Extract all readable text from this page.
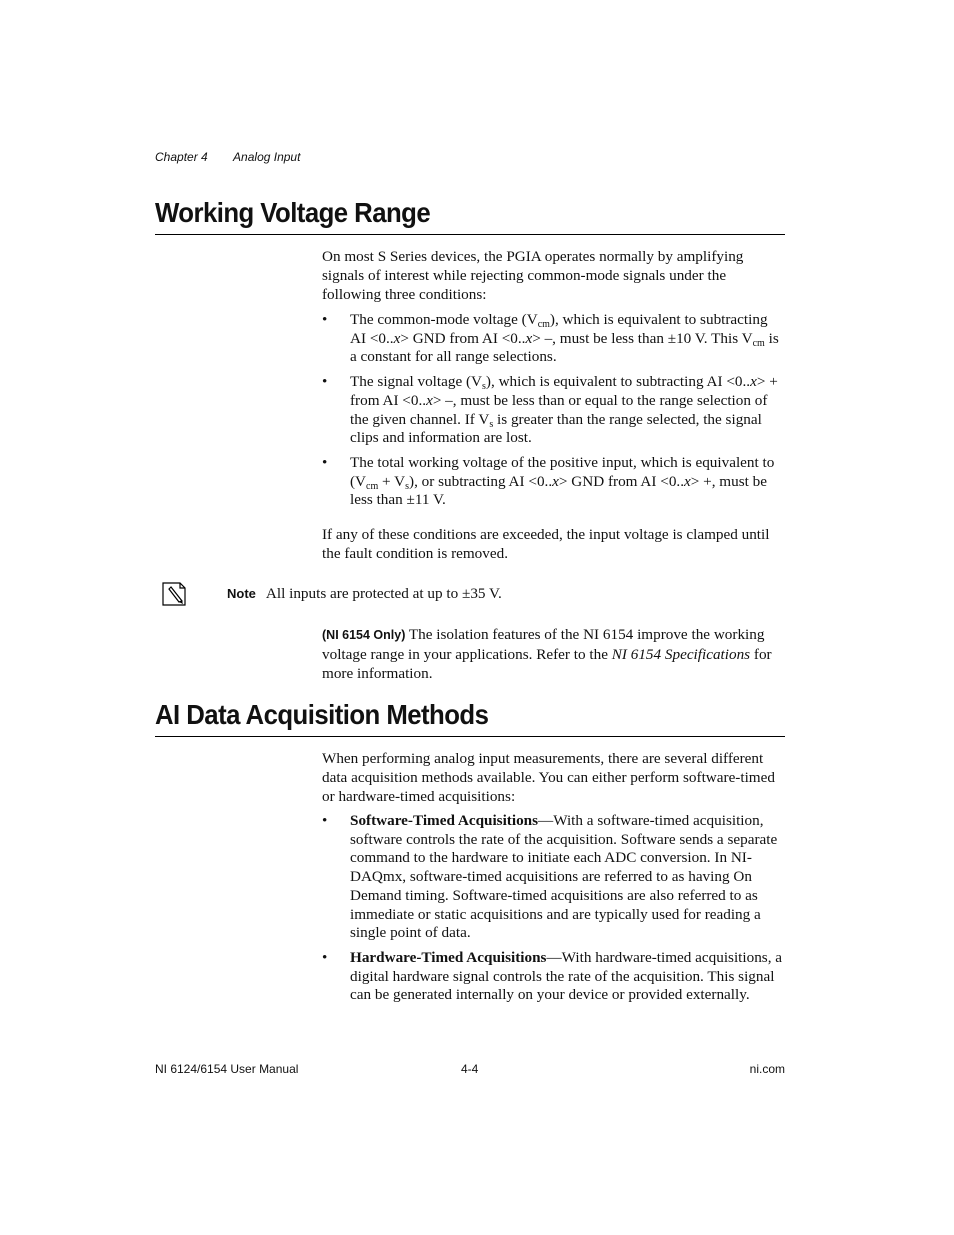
Chapter 4 Analog Input
Working Voltage Range

On most S Series devices, the PGIA operates normally by amplifying signals of interest while rejecting common-mode signals under the following three conditions:

• The common-mode voltage $(V_{cm})$, which is equivalent to subtracting AI <0..x> GND from AI <0..x> –, must be less than ±10 V. This $V_{cm}$ is a constant for all range selections.
• The signal voltage $(V_s)$, which is equivalent to subtracting AI <0..x> + from AI <0..x> –, must be less than or equal to the range selection of the given channel. If $V_s$ is greater than the range selected, the signal clips and information are lost.
• The total working voltage of the positive input, which is equivalent to $(V_{cm} + V_s)$, or subtracting AI <0..x> GND from AI <0..x> +, must be less than ±11 V.

If any of these conditions are exceeded, the input voltage is clamped until the fault condition is removed.

Note All inputs are protected at up to ±35 V.

(NI 6154 Only) The isolation features of the NI 6154 improve the working voltage range in your applications. Refer to the NI 6154 Specifications for more information.

AI Data Acquisition Methods

When performing analog input measurements, there are several different data acquisition methods available. You can either perform software-timed or hardware-timed acquisitions:

• Software-Timed Acquisitions—With a software-timed acquisition, software controls the rate of the acquisition. Software sends a separate command to the hardware to initiate each ADC conversion. In NI-DAQmx, software-timed acquisitions are referred to as having On Demand timing. Software-timed acquisitions are also referred to as immediate or static acquisitions and are typically used for reading a single point of data.
• Hardware-Timed Acquisitions—With hardware-timed acquisitions, a digital hardware signal controls the rate of the acquisition. This signal can be generated internally on your device or provided externally.
NI 6124/6154 User Manual	4-4	ni.com
